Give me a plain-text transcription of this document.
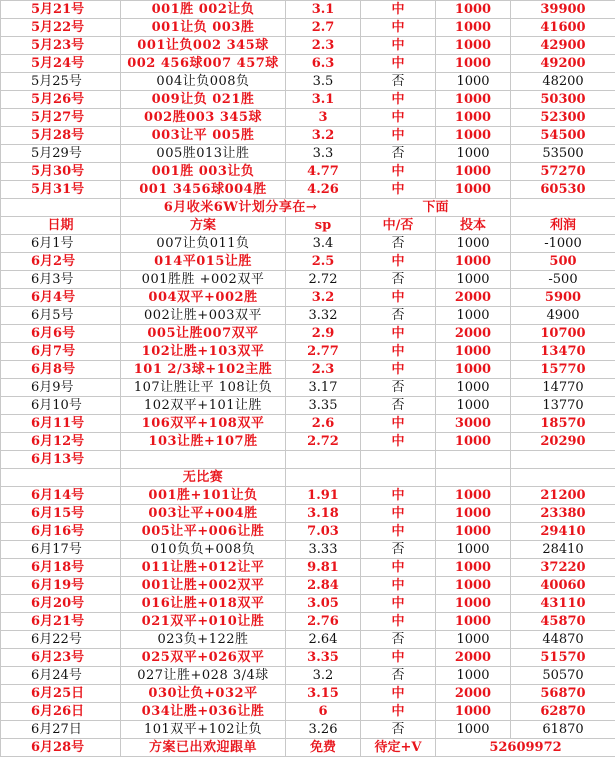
5月21号	001胜 002让负	3.1	中	1000	39900
5月22号	001让负 003胜	2.7	中	1000	41600
5月23号	001让负002 345球	2.3	中	1000	42900
5月24号	002 456球007 457球	6.3	中	1000	49200
5月25号	004让负008负	3.5	否	1000	48200
5月26号	009让负 021胜	3.1	中	1000	50300
5月27号	002胜003 345球	3	中	1000	52300
5月28号	003让平 005胜	3.2	中	1000	54500
5月29号	005胜013让胜	3.3	否	1000	53500
5月30号	001胜 003让负	4.77	中	1000	57270
5月31号	001 3456球004胜	4.26	中	1000	60530
	6月收米6W计划分享在→		下面		
日期	方案	sp	中/否	投本	利润
6月1号	007让负011负	3.4	否	1000	-1000
6月2号	014平015让胜	2.5	中	1000	500
6月3号	001胜胜 +002双平	2.72	否	1000	-500
6月4号	004双平+002胜	3.2	中	2000	5900
6月5号	002让胜+003双平	3.32	否	1000	4900
6月6号	005让胜007双平	2.9	中	2000	10700
6月7号	102让胜+103双平	2.77	中	1000	13470
6月8号	101 2/3球+102主胜	2.3	中	1000	15770
6月9号	107让胜让平 108让负	3.17	否	1000	14770
6月10号	102双平+101让胜	3.35	否	1000	13770
6月11号	106双平+108双平	2.6	中	3000	18570
6月12号	103让胜+107胜	2.72	中	1000	20290
6月13号					
	无比赛				
6月14号	001胜+101让负	1.91	中	1000	21200
6月15号	003让平+004胜	3.18	中	1000	23380
6月16号	005让平+006让胜	7.03	中	1000	29410
6月17号	010负负+008负	3.33	否	1000	28410
6月18号	011让胜+012让平	9.81	中	1000	37220
6月19号	001让胜+002双平	2.84	中	1000	40060
6月20号	016让胜+018双平	3.05	中	1000	43110
6月21号	021双平+010让胜	2.76	中	1000	45870
6月22号	023负+122胜	2.64	否	1000	44870
6月23号	025双平+026双平	3.35	中	2000	51570
6月24号	027让胜+028 3/4球	3.2	否	1000	50570
6月25日	030让负+032平	3.15	中	2000	56870
6月26日	034让胜+036让胜	6	中	1000	62870
6月27日	101双平+102让负	3.26	否	1000	61870
6月28号	方案已出欢迎跟单	免费	待定+V	52609972	
